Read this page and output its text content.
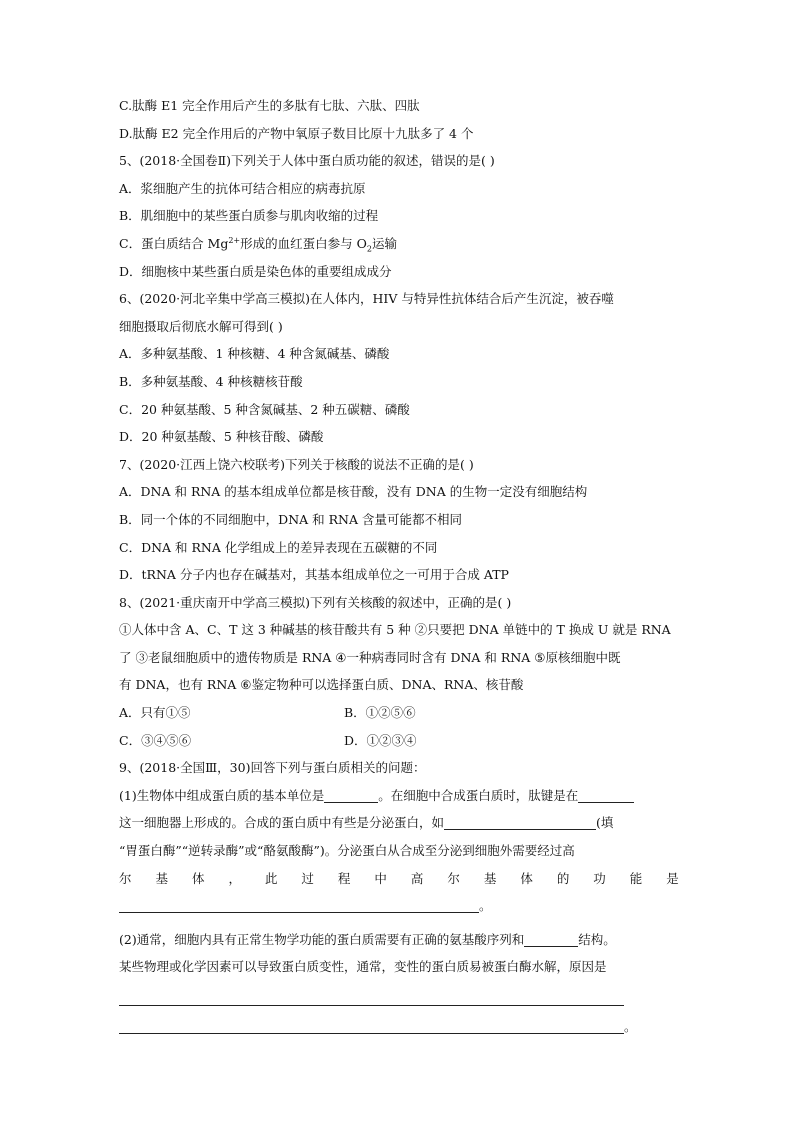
C.肽酶 E1 完全作用后产生的多肽有七肽、六肽、四肽
D.肽酶 E2 完全作用后的产物中氧原子数目比原十九肽多了 4 个
5、(2018·全国卷Ⅱ)下列关于人体中蛋白质功能的叙述，错误的是( )
A．浆细胞产生的抗体可结合相应的病毒抗原
B．肌细胞中的某些蛋白质参与肌肉收缩的过程
C．蛋白质结合 $Mg^{2+}$形成的血红蛋白参与 $O_2$运输
D．细胞核中某些蛋白质是染色体的重要组成成分
6、(2020·河北辛集中学高三模拟)在人体内，HIV 与特异性抗体结合后产生沉淀，被吞噬
细胞摄取后彻底水解可得到( )
A．多种氨基酸、1 种核糖、4 种含氮碱基、磷酸
B．多种氨基酸、4 种核糖核苷酸
C．20 种氨基酸、5 种含氮碱基、2 种五碳糖、磷酸
D．20 种氨基酸、5 种核苷酸、磷酸
7、(2020·江西上饶六校联考)下列关于核酸的说法不正确的是( )
A．DNA 和 RNA 的基本组成单位都是核苷酸，没有 DNA 的生物一定没有细胞结构
B．同一个体的不同细胞中，DNA 和 RNA 含量可能都不相同
C．DNA 和 RNA 化学组成上的差异表现在五碳糖的不同
D．tRNA 分子内也存在碱基对，其基本组成单位之一可用于合成 ATP
8、(2021·重庆南开中学高三模拟)下列有关核酸的叙述中，正确的是( )
①人体中含 A、C、T 这 3 种碱基的核苷酸共有 5 种 ②只要把 DNA 单链中的 T 换成 U 就是 RNA
了 ③老鼠细胞质中的遗传物质是 RNA ④一种病毒同时含有 DNA 和 RNA ⑤原核细胞中既
有 DNA，也有 RNA ⑥鉴定物种可以选择蛋白质、DNA、RNA、核苷酸
A．只有①⑤	B．①②⑤⑥
C．③④⑤⑥	D．①②③④
9、(2018·全国Ⅲ，30)回答下列与蛋白质相关的问题：
(1)生物体中组成蛋白质的基本单位是	。在细胞中合成蛋白质时，肽键是在
这一细胞器上形成的。合成的蛋白质中有些是分泌蛋白，如	(填
“胃蛋白酶”“逆转录酶”或“酪氨酸酶”)。分泌蛋白从合成至分泌到细胞外需要经过高
尔 基 体 ， 此 过 程 中 高 尔 基 体 的 功 能 是
。
(2)通常，细胞内具有正常生物学功能的蛋白质需要有正确的氨基酸序列和	结构。
某些物理或化学因素可以导致蛋白质变性，通常，变性的蛋白质易被蛋白酶水解，原因是
。
